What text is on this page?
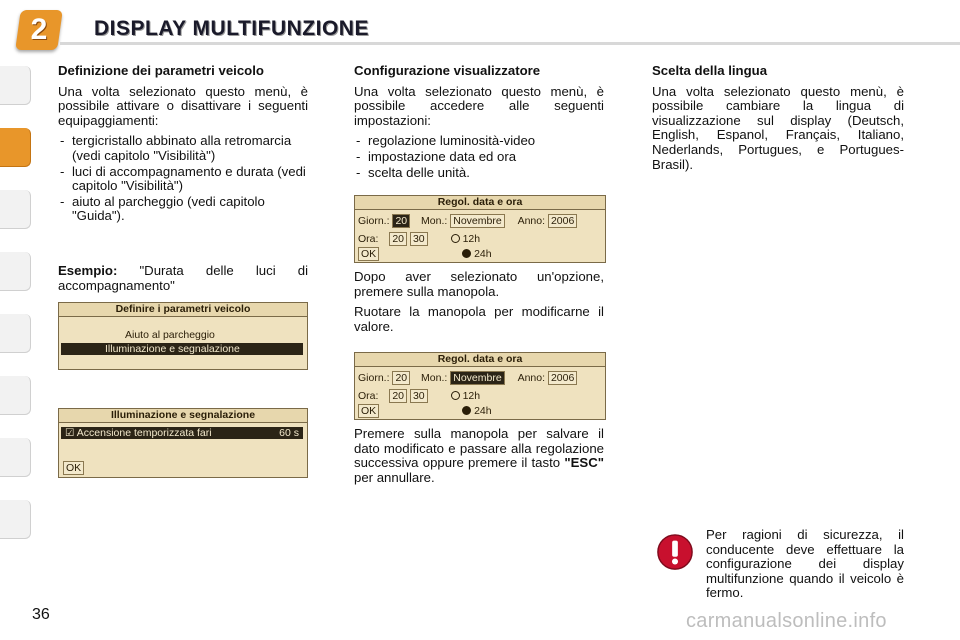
2	DISPLAY MULTIFUNZIONE
Definizione dei parametri veicolo

Una volta selezionato questo menù, è possibile attivare o disattivare i seguenti equipaggiamenti:

- tergicristallo abbinato alla retromarcia (vedi capitolo "Visibilità")
- luci di accompagnamento e durata (vedi capitolo "Visibilità")
- aiuto al parcheggio (vedi capitolo "Guida").

Esempio: "Durata delle luci di accompagnamento"

Definire i parametri veicolo
Aiuto al parcheggio
Illuminazione e segnalazione
Illuminazione e segnalazione
☑ Accensione temporizzata fari	60 s
OK
Configurazione visualizzatore

Una volta selezionato questo menù, è possibile accedere alle seguenti impostazioni:

- regolazione luminosità-video
- impostazione data ed ora
- scelta delle unità.
Regol. data e ora
Giorn.: 20 Mon.: Novembre Anno: 2006
Ora: 20 30	12h
OK	24h

Dopo aver selezionato un'opzione, premere sulla manopola.

Ruotare la manopola per modificarne il valore.

Regol. data e ora
Giorn.: 20 Mon.: Novembre Anno: 2006
Ora: 20 30	12h
OK	24h

Premere sulla manopola per salvare il dato modificato e passare alla regolazione successiva oppure premere il tasto "ESC" per annullare.

Scelta della lingua

Una volta selezionato questo menù, è possibile cambiare la lingua di visualizzazione sul display (Deutsch, English, Espanol, Français, Italiano, Nederlands, Portugues, e Portugues-Brasil).

Per ragioni di sicurezza, il conducente deve effettuare la configurazione dei display multifunzione quando il veicolo è fermo.

36	carmanualsonline.info
